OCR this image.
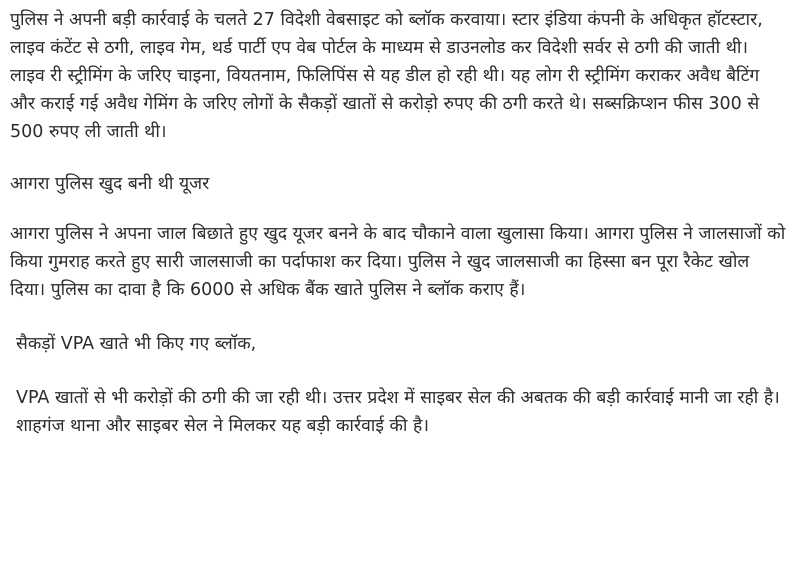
पुलिस ने अपनी बड़ी कार्रवाई के चलते 27 विदेशी वेबसाइट को ब्लॉक करवाया। स्टार इंडिया कंपनी के अधिकृत हॉटस्टार, लाइव कंटेंट से ठगी, लाइव गेम, थर्ड पार्टी एप वेब पोर्टल के माध्यम से डाउनलोड कर विदेशी सर्वर से ठगी की जाती थी। लाइव री स्ट्रीमिंग के जरिए चाइना, वियतनाम, फिलिपिंस से यह डील हो रही थी। यह लोग री स्ट्रीमिंग कराकर अवैध बैटिंग और कराई गई अवैध गेमिंग के जरिए लोगों के सैकड़ों खातों से करोड़ो रुपए की ठगी करते थे। सब्सक्रिप्शन फीस 300 से 500 रुपए ली जाती थी।

आगरा पुलिस खुद बनी थी यूजर

आगरा पुलिस ने अपना जाल बिछाते हुए खुद यूजर बनने के बाद चौकाने वाला खुलासा किया। आगरा पुलिस ने जालसाजों को किया गुमराह करते हुए सारी जालसाजी का पर्दाफाश कर दिया। पुलिस ने खुद जालसाजी का हिस्सा बन पूरा रैकेट खोल दिया। पुलिस का दावा है कि 6000 से अधिक बैंक खाते पुलिस ने ब्लॉक कराए हैं।

सैकड़ों VPA खाते भी किए गए ब्लॉक,

VPA खातों से भी करोड़ों की ठगी की जा रही थी। उत्तर प्रदेश में साइबर सेल की अबतक की बड़ी कार्रवाई मानी जा रही है। शाहगंज थाना और साइबर सेल ने मिलकर यह बड़ी कार्रवाई की है।
